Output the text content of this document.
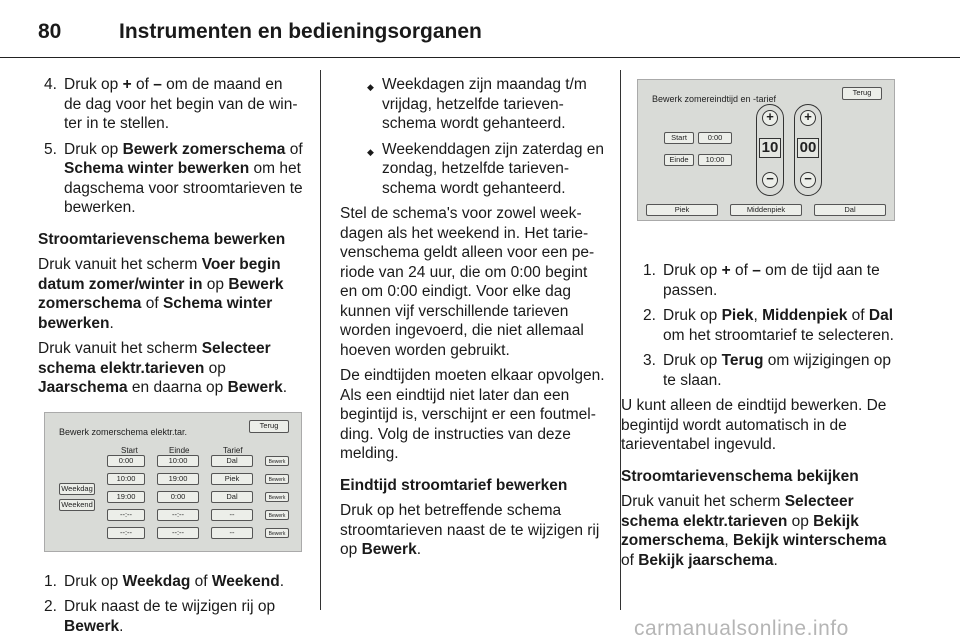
80	Instrumenten en bedieningsorganen
4. Druk op + of – om de maand en de dag voor het begin van de winter in te stellen.
5. Druk op Bewerk zomerschema of Schema winter bewerken om het dagschema voor stroomtarieven te bewerken.

Stroomtarievenschema bewerken

Druk vanuit het scherm Voer begin datum zomer/winter in op Bewerk zomerschema of Schema winter bewerken.

Druk vanuit het scherm Selecteer schema elektr.tarieven op Jaarschema en daarna op Bewerk.

Bewerk zomerschema elektr.tar.
Terug
Start	Einde	Tarief
Weekdag
Weekend
0:00	10:00	Dal	Bewerk
10:00	19:00	Piek	Bewerk
19:00	0:00	Dal	Bewerk
--:--	--:--	--	Bewerk
--:--	--:--	--	Bewerk
1. Druk op Weekdag of Weekend.
2. Druk naast de te wijzigen rij op Bewerk.
◆ Weekdagen zijn maandag t/m vrijdag, hetzelfde tarievenschema wordt gehanteerd.
◆ Weekenddagen zijn zaterdag en zondag, hetzelfde tarievenschema wordt gehanteerd.

Stel de schema's voor zowel weekdagen als het weekend in. Het tarievenschema geldt alleen voor een periode van 24 uur, die om 0:00 begint en om 0:00 eindigt. Voor elke dag kunnen vijf verschillende tarieven worden ingevoerd, die niet allemaal hoeven worden gebruikt.

De eindtijden moeten elkaar opvolgen. Als een eindtijd niet later dan een begintijd is, verschijnt er een foutmelding. Volg de instructies van deze melding.

Eindtijd stroomtarief bewerken

Druk op het betreffende schema stroomtarieven naast de te wijzigen rij op Bewerk.

Bewerk zomereindtijd en -tarief
Terug
Start	0:00
Einde	10:00
+
10
−
+
00
−
Piek	Middenpiek	Dal
1. Druk op + of – om de tijd aan te passen.
2. Druk op Piek, Middenpiek of Dal om het stroomtarief te selecteren.
3. Druk op Terug om wijzigingen op te slaan.

U kunt alleen de eindtijd bewerken. De begintijd wordt automatisch in de tarieventabel ingevuld.

Stroomtarievenschema bekijken

Druk vanuit het scherm Selecteer schema elektr.tarieven op Bekijk zomerschema, Bekijk winterschema of Bekijk jaarschema.

carmanualsonline.info
